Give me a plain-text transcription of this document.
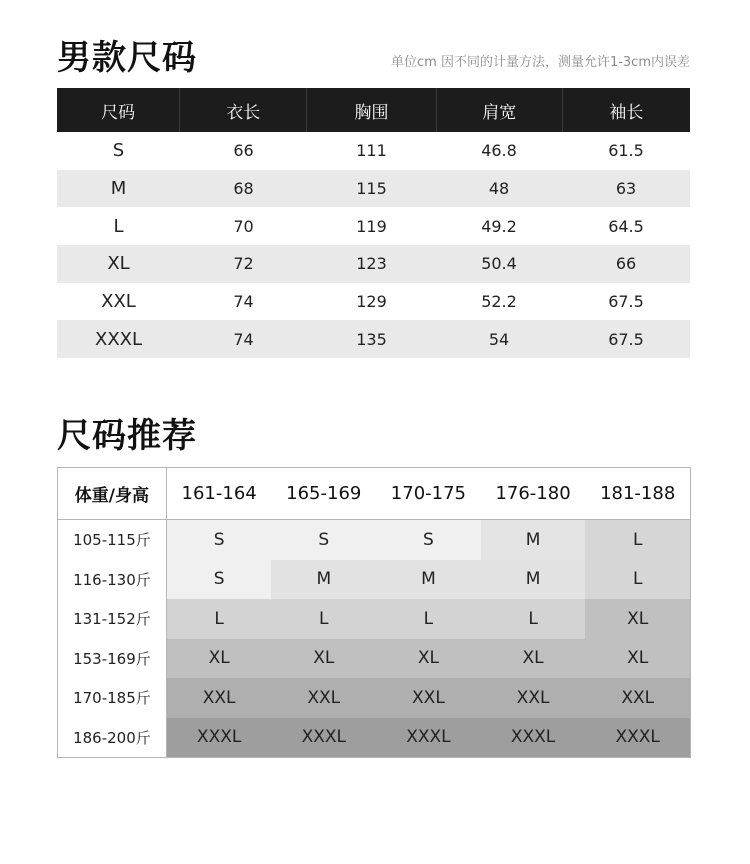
男款尺码	单位cm 因不同的计量方法，测量允许1-3cm内误差
尺码	衣长	胸围	肩宽	袖长
S	66	111	46.8	61.5
M	68	115	48	63
L	70	119	49.2	64.5
XL	72	123	50.4	66
XXL	74	129	52.2	67.5
XXXL	74	135	54	67.5
尺码推荐
体重/身高	161-164	165-169	170-175	176-180	181-188
105-115斤	S	S	S	M	L
116-130斤	S	M	M	M	L
131-152斤	L	L	L	L	XL
153-169斤	XL	XL	XL	XL	XL
170-185斤	XXL	XXL	XXL	XXL	XXL
186-200斤	XXXL	XXXL	XXXL	XXXL	XXXL
